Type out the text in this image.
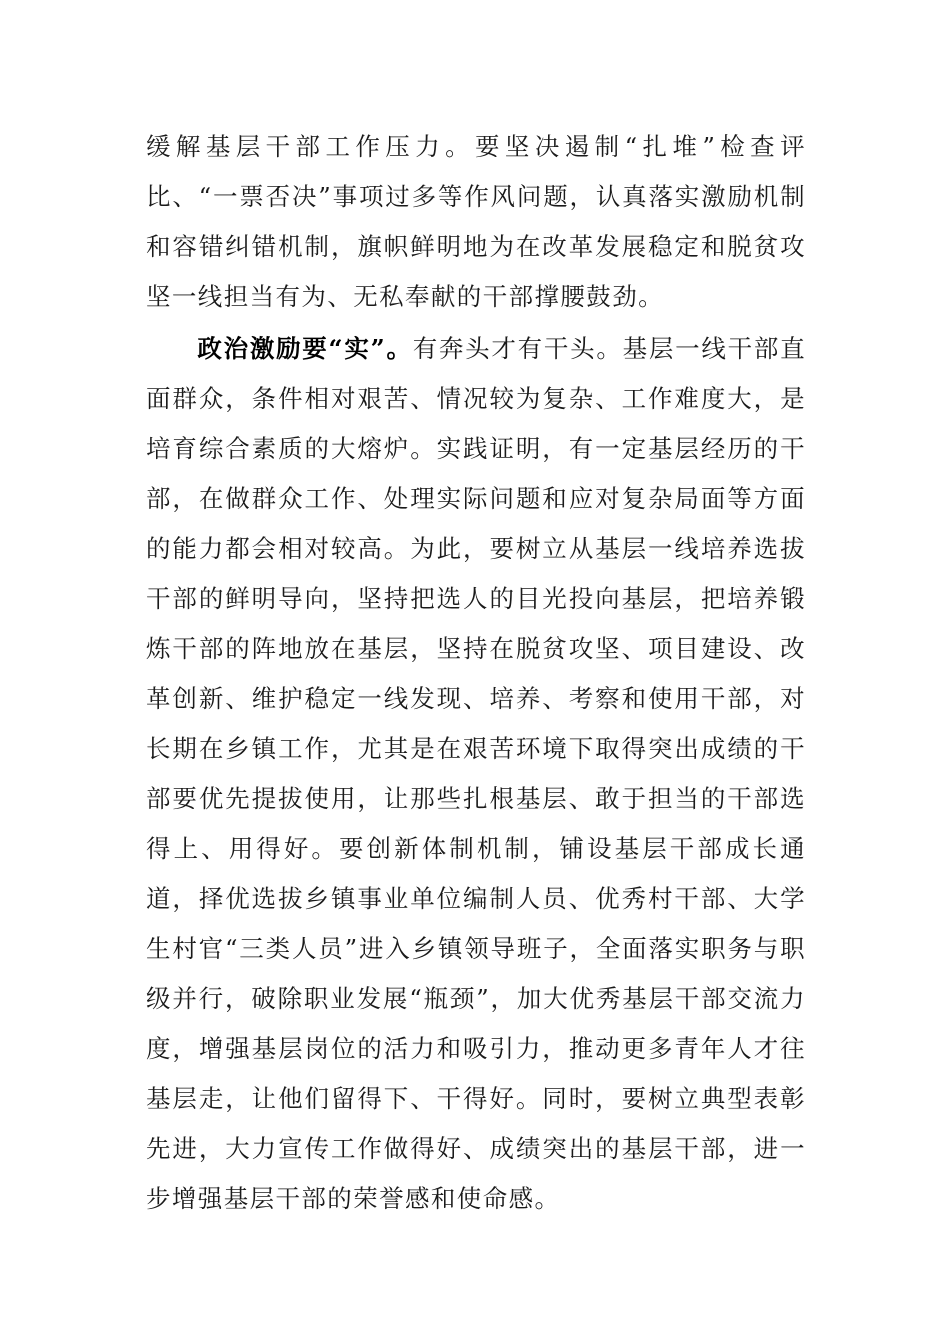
缓解基层干部工作压力。要坚决遏制“扎堆”检查评比、“一票否决”事项过多等作风问题，认真落实激励机制和容错纠错机制，旗帜鲜明地为在改革发展稳定和脱贫攻坚一线担当有为、无私奉献的干部撑腰鼓劲。

政治激励要“实”。有奔头才有干头。基层一线干部直面群众，条件相对艰苦、情况较为复杂、工作难度大，是培育综合素质的大熔炉。实践证明，有一定基层经历的干部，在做群众工作、处理实际问题和应对复杂局面等方面的能力都会相对较高。为此，要树立从基层一线培养选拔干部的鲜明导向，坚持把选人的目光投向基层，把培养锻炼干部的阵地放在基层，坚持在脱贫攻坚、项目建设、改革创新、维护稳定一线发现、培养、考察和使用干部，对长期在乡镇工作，尤其是在艰苦环境下取得突出成绩的干部要优先提拔使用，让那些扎根基层、敢于担当的干部选得上、用得好。要创新体制机制，铺设基层干部成长通道，择优选拔乡镇事业单位编制人员、优秀村干部、大学生村官“三类人员”进入乡镇领导班子，全面落实职务与职级并行，破除职业发展“瓶颈”，加大优秀基层干部交流力度，增强基层岗位的活力和吸引力，推动更多青年人才往基层走，让他们留得下、干得好。同时，要树立典型表彰先进，大力宣传工作做得好、成绩突出的基层干部，进一步增强基层干部的荣誉感和使命感。
